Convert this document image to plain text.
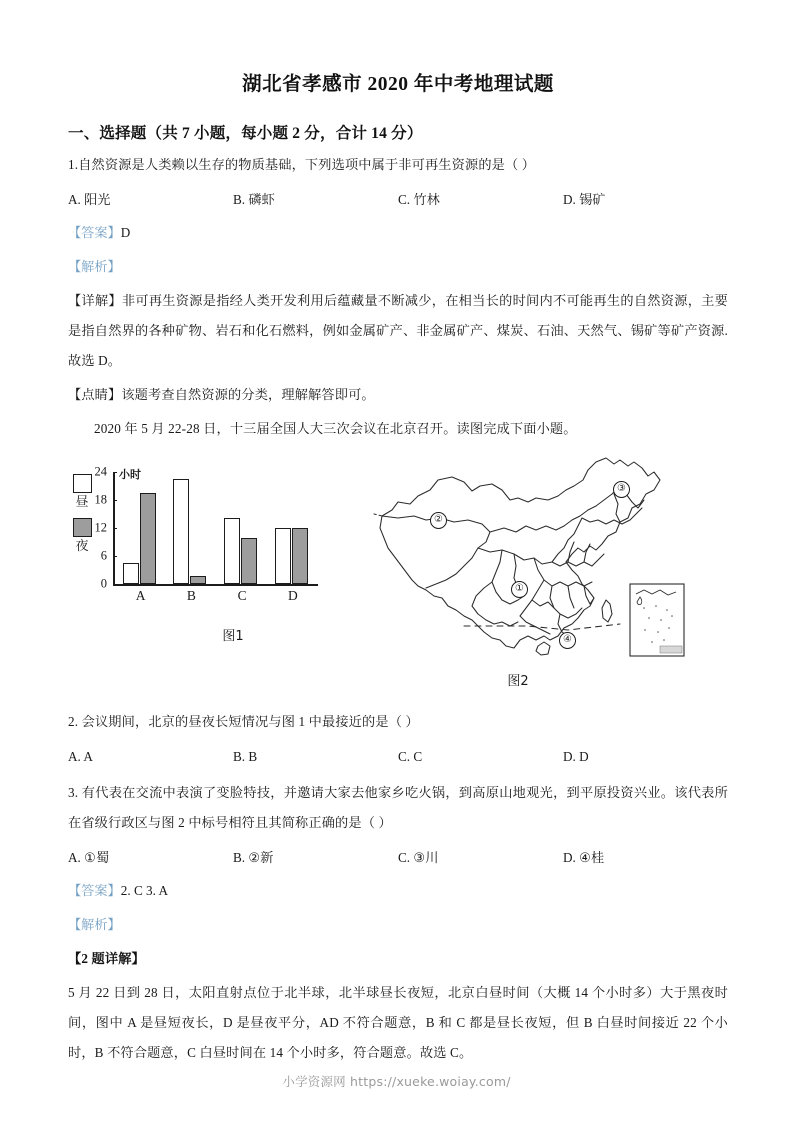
湖北省孝感市 2020 年中考地理试题
一、选择题（共 7 小题，每小题 2 分，合计 14 分）
1.自然资源是人类赖以生存的物质基础，下列选项中属于非可再生资源的是（ ）
A. 阳光	B. 磷虾	C. 竹林	D. 锡矿
【答案】D
【解析】
【详解】非可再生资源是指经人类开发利用后蕴藏量不断减少，在相当长的时间内不可能再生的自然资源，主要是指自然界的各种矿物、岩石和化石燃料，例如金属矿产、非金属矿产、煤炭、石油、天然气、锡矿等矿产资源. 故选 D。
【点睛】该题考查自然资源的分类，理解解答即可。
2020 年 5 月 22-28 日，十三届全国人大三次会议在北京召开。读图完成下面小题。
昼
夜
小时
0
6
12
18
24
A	B	C	D
图1
①
②
③
④
图2
2. 会议期间，北京的昼夜长短情况与图 1 中最接近的是（ ）
A. A	B. B	C. C	D. D
3. 有代表在交流中表演了变脸特技，并邀请大家去他家乡吃火锅，到高原山地观光，到平原投资兴业。该代表所在省级行政区与图 2 中标号相符且其简称正确的是（ ）
A. ①蜀	B. ②新	C. ③川	D. ④桂
【答案】2. C 3. A
【解析】
【2 题详解】
5 月 22 日到 28 日，太阳直射点位于北半球，北半球昼长夜短，北京白昼时间（大概 14 个小时多）大于黑夜时间，图中 A 是昼短夜长，D 是昼夜平分，AD 不符合题意，B 和 C 都是昼长夜短，但 B 白昼时间接近 22 个小时，B 不符合题意，C 白昼时间在 14 个小时多，符合题意。故选 C。
小学资源网 https://xueke.woiay.com/
